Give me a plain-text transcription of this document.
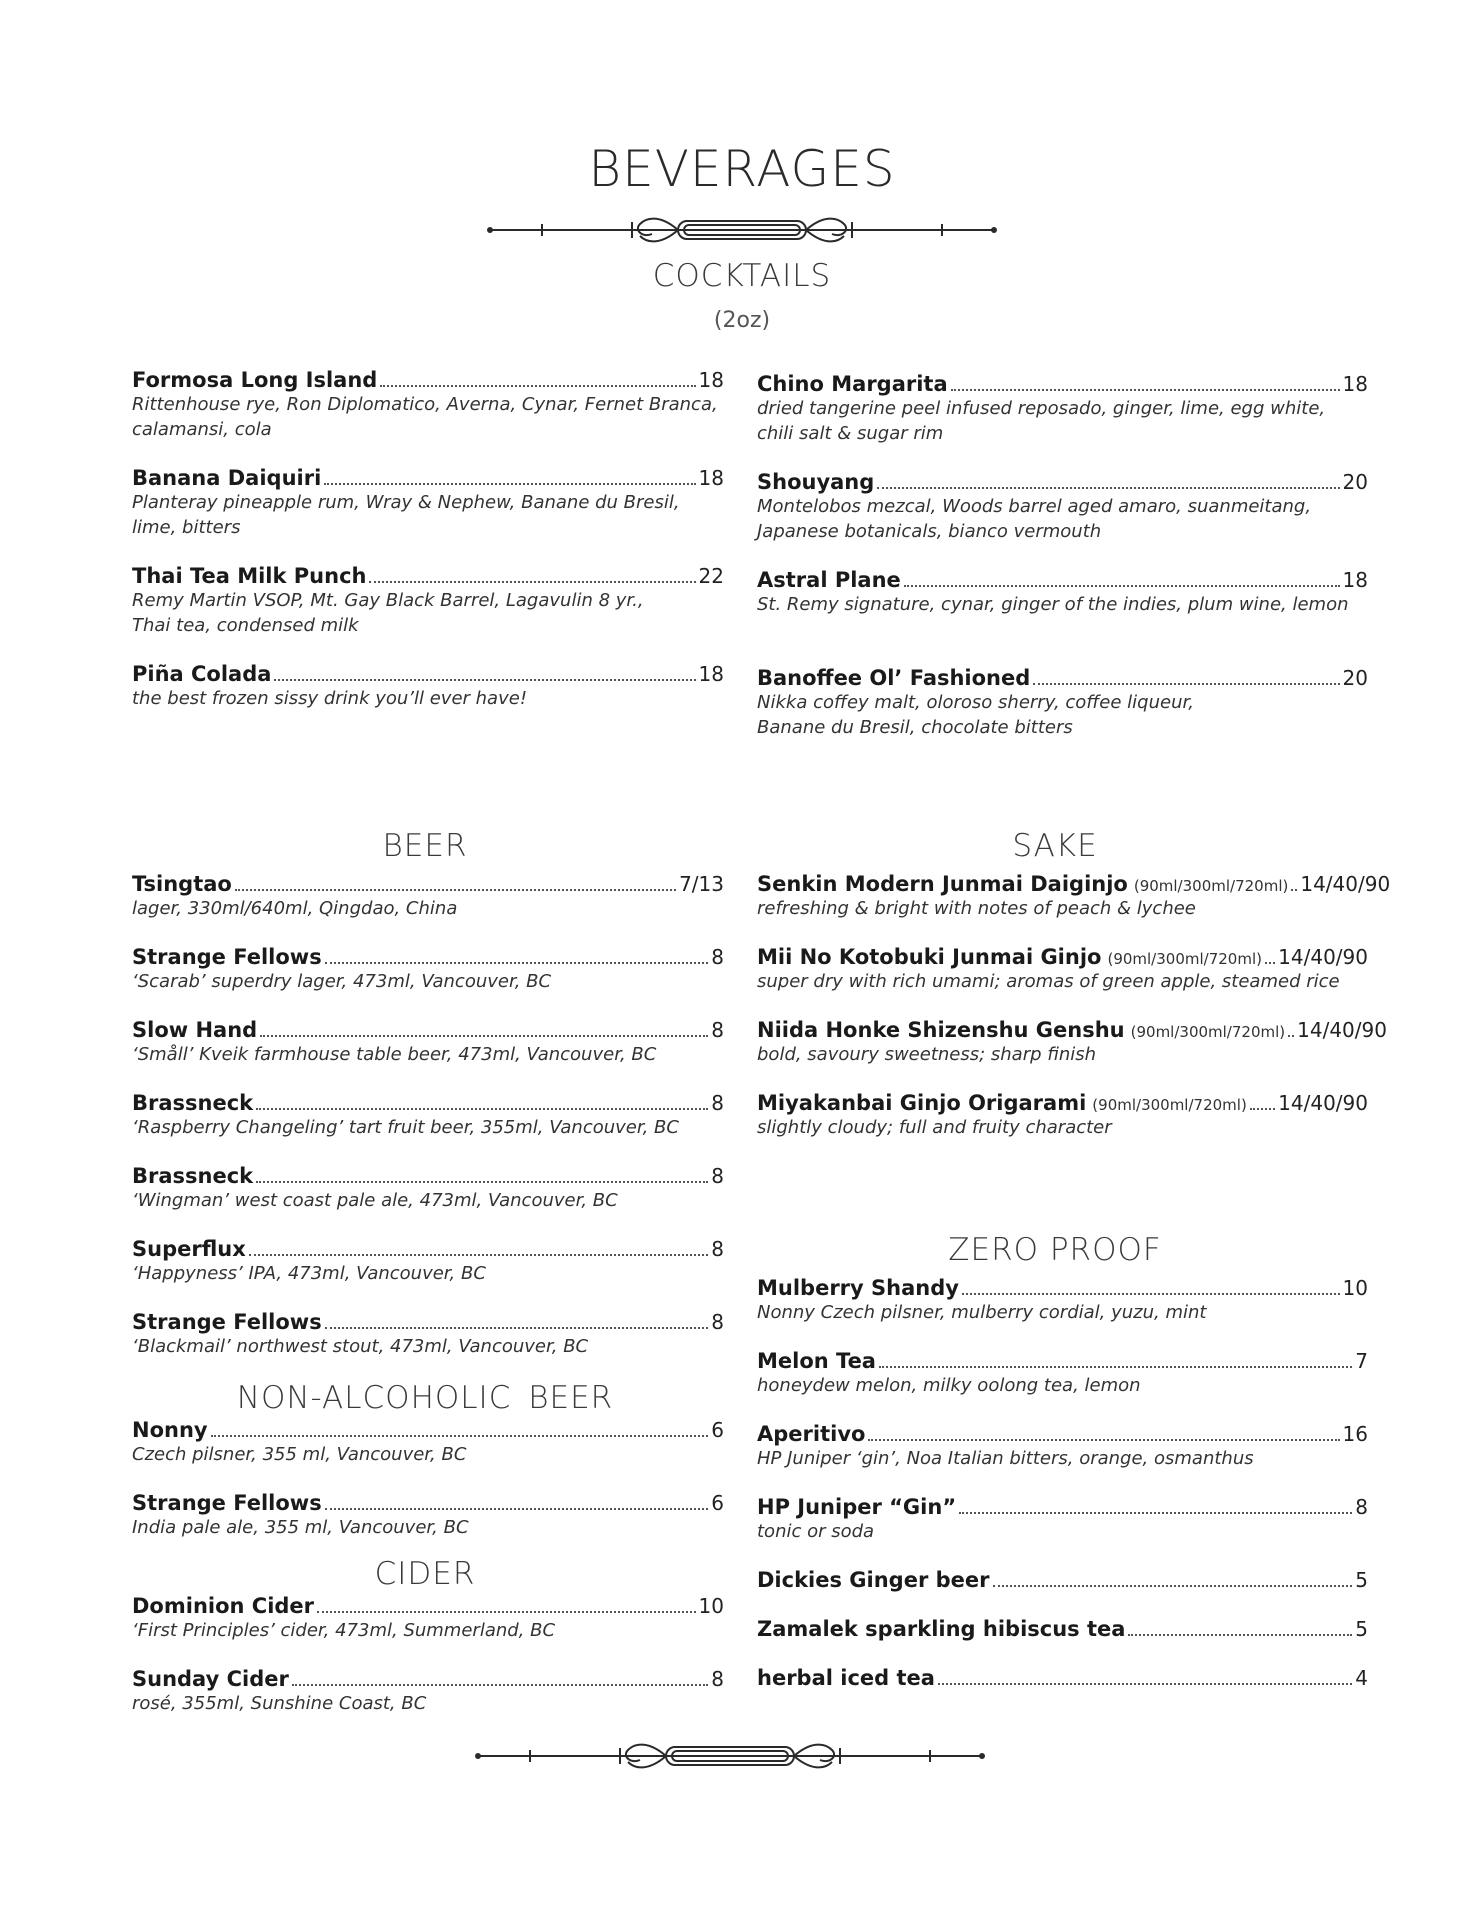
BEVERAGES
COCKTAILS
(2oz)
Formosa Long Island	18
Rittenhouse rye, Ron Diplomatico, Averna, Cynar, Fernet Branca,
calamansi, cola
Banana Daiquiri	18
Planteray pineapple rum, Wray & Nephew, Banane du Bresil,
lime, bitters
Thai Tea Milk Punch	22
Remy Martin VSOP, Mt. Gay Black Barrel, Lagavulin 8 yr.,
Thai tea, condensed milk
Piña Colada	18
the best frozen sissy drink you’ll ever have!
Chino Margarita	18
dried tangerine peel infused reposado, ginger, lime, egg white,
chili salt & sugar rim
Shouyang	20
Montelobos mezcal, Woods barrel aged amaro, suanmeitang,
Japanese botanicals, bianco vermouth
Astral Plane	18
St. Remy signature, cynar, ginger of the indies, plum wine, lemon
Banoffee Ol’ Fashioned	20
Nikka coffey malt, oloroso sherry, coffee liqueur,
Banane du Bresil, chocolate bitters
BEER
Tsingtao	7/13
lager, 330ml/640ml, Qingdao, China
Strange Fellows	8
‘Scarab’ superdry lager, 473ml, Vancouver, BC
Slow Hand	8
‘Småll’ Kveik farmhouse table beer, 473ml, Vancouver, BC
Brassneck	8
‘Raspberry Changeling’ tart fruit beer, 355ml, Vancouver, BC
Brassneck	8
‘Wingman’ west coast pale ale, 473ml, Vancouver, BC
Superflux	8
‘Happyness’ IPA, 473ml, Vancouver, BC
Strange Fellows	8
‘Blackmail’ northwest stout, 473ml, Vancouver, BC
NON-ALCOHOLIC BEER
Nonny	6
Czech pilsner, 355 ml, Vancouver, BC
Strange Fellows	6
India pale ale, 355 ml, Vancouver, BC
CIDER
Dominion Cider	10
‘First Principles’ cider, 473ml, Summerland, BC
Sunday Cider	8
rosé, 355ml, Sunshine Coast, BC
SAKE
Senkin Modern Junmai Daiginjo (90ml/300ml/720ml) 14/40/90
refreshing & bright with notes of peach & lychee
Mii No Kotobuki Junmai Ginjo (90ml/300ml/720ml) 14/40/90
super dry with rich umami; aromas of green apple, steamed rice
Niida Honke Shizenshu Genshu (90ml/300ml/720ml) 14/40/90
bold, savoury sweetness; sharp finish
Miyakanbai Ginjo Origarami (90ml/300ml/720ml) 14/40/90
slightly cloudy; full and fruity character
ZERO PROOF
Mulberry Shandy	10
Nonny Czech pilsner, mulberry cordial, yuzu, mint
Melon Tea	7
honeydew melon, milky oolong tea, lemon
Aperitivo	16
HP Juniper ‘gin’, Noa Italian bitters, orange, osmanthus
HP Juniper “Gin”	8
tonic or soda
Dickies Ginger beer	5
Zamalek sparkling hibiscus tea	5
herbal iced tea	4
